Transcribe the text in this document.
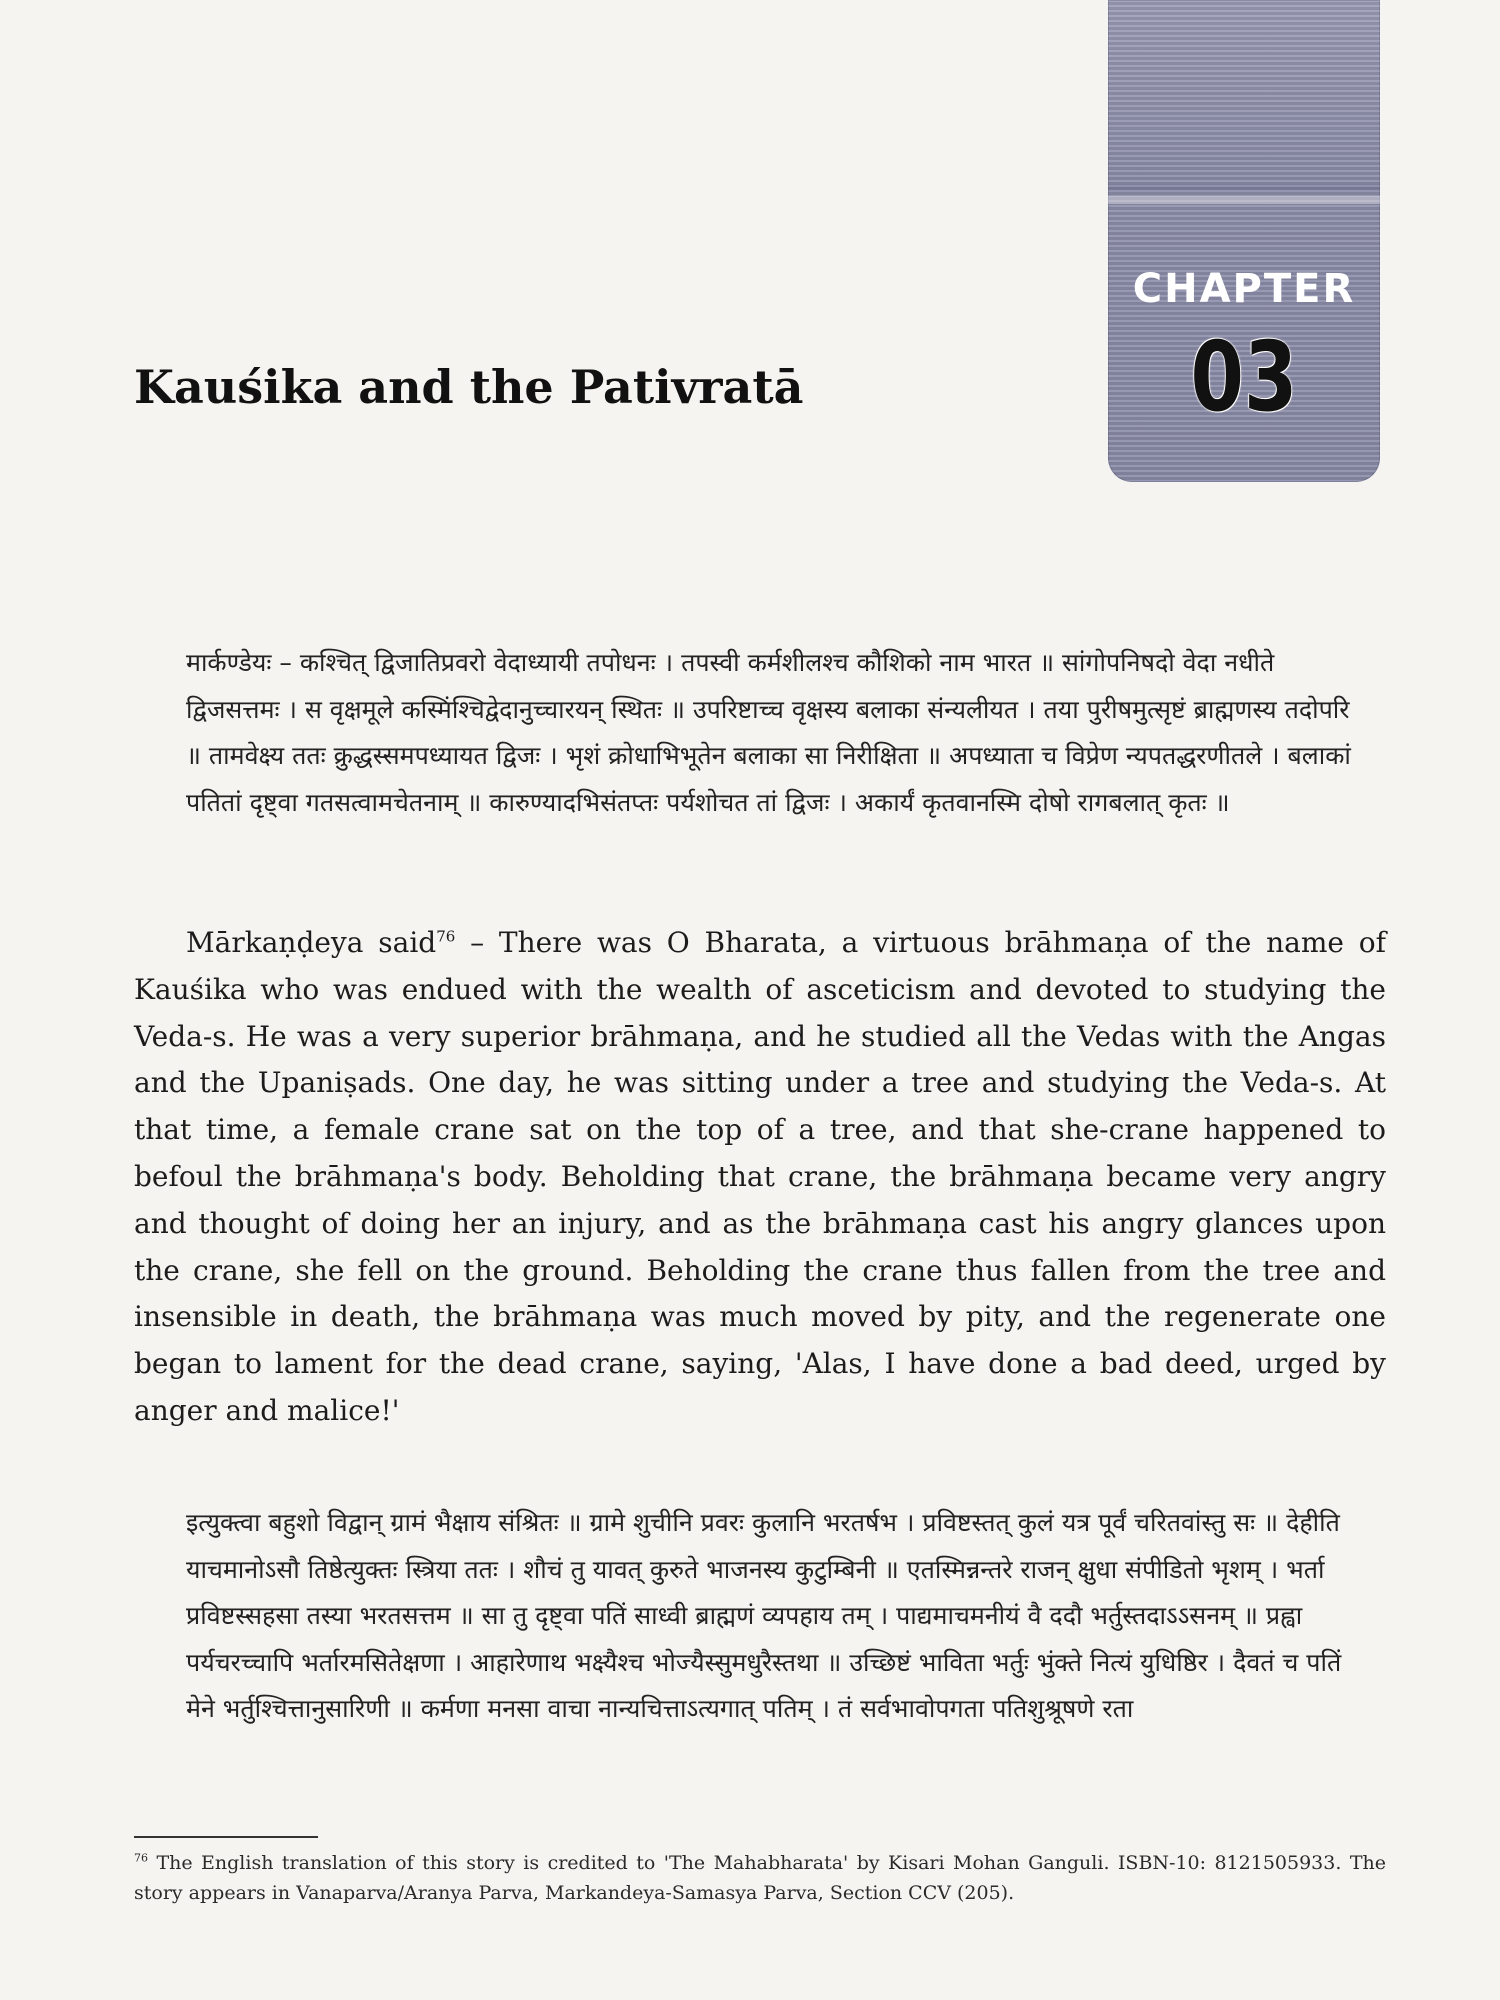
CHAPTER
03
Kauśika and the Pativratā

मार्कण्डेयः – कश्चित् द्विजातिप्रवरो वेदाध्यायी तपोधनः । तपस्वी कर्मशीलश्च कौशिको नाम भारत ॥ सांगोपनिषदो वेदा नधीते द्विजसत्तमः । स वृक्षमूले कस्मिंश्चिद्वेदानुच्चारयन् स्थितः ॥ उपरिष्टाच्च वृक्षस्य बलाका संन्यलीयत । तया पुरीषमुत्सृष्टं ब्राह्मणस्य तदोपरि ॥ तामवेक्ष्य ततः क्रुद्धस्समपध्यायत द्विजः । भृशं क्रोधाभिभूतेन बलाका सा निरीक्षिता ॥ अपध्याता च विप्रेण न्यपतद्धरणीतले । बलाकां पतितां दृष्ट्वा गतसत्वामचेतनाम् ॥ कारुण्यादभिसंतप्तः पर्यशोचत तां द्विजः । अकार्यं कृतवानस्मि दोषो रागबलात् कृतः ॥

Mārkaṇḍeya said$^{76}$ – There was O Bharata, a virtuous brāhmaṇa of the name of Kauśika who was endued with the wealth of asceticism and devoted to studying the Veda-s. He was a very superior brāhmaṇa, and he studied all the Vedas with the Angas and the Upaniṣads. One day, he was sitting under a tree and studying the Veda-s. At that time, a female crane sat on the top of a tree, and that she-crane happened to befoul the brāhmaṇa's body. Beholding that crane, the brāhmaṇa became very angry and thought of doing her an injury, and as the brāhmaṇa cast his angry glances upon the crane, she fell on the ground. Beholding the crane thus fallen from the tree and insensible in death, the brāhmaṇa was much moved by pity, and the regenerate one began to lament for the dead crane, saying, 'Alas, I have done a bad deed, urged by anger and malice!'

इत्युक्त्वा बहुशो विद्वान् ग्रामं भैक्षाय संश्रितः ॥ ग्रामे शुचीनि प्रवरः कुलानि भरतर्षभ । प्रविष्टस्तत् कुलं यत्र पूर्वं चरितवांस्तु सः ॥ देहीति याचमानोऽसौ तिष्ठेत्युक्तः स्त्रिया ततः । शौचं तु यावत् कुरुते भाजनस्य कुटुम्बिनी ॥ एतस्मिन्नन्तरे राजन् क्षुधा संपीडितो भृशम् । भर्ता प्रविष्टस्सहसा तस्या भरतसत्तम ॥ सा तु दृष्ट्वा पतिं साध्वी ब्राह्मणं व्यपहाय तम् । पाद्यमाचमनीयं वै ददौ भर्तुस्तदाऽऽसनम् ॥ प्रह्वा पर्यचरच्चापि भर्तारमसितेक्षणा । आहारेणाथ भक्ष्यैश्च भोज्यैस्सुमधुरैस्तथा ॥ उच्छिष्टं भाविता भर्तुः भुंक्ते नित्यं युधिष्ठिर । दैवतं च पतिं मेने भर्तुश्चित्तानुसारिणी ॥ कर्मणा मनसा वाचा नान्यचित्ताऽत्यगात् पतिम् । तं सर्वभावोपगता पतिशुश्रूषणे रता

$^{76}$ The English translation of this story is credited to 'The Mahabharata' by Kisari Mohan Ganguli. ISBN-10: 8121505933. The story appears in Vanaparva/Aranya Parva, Markandeya-Samasya Parva, Section CCV (205).
